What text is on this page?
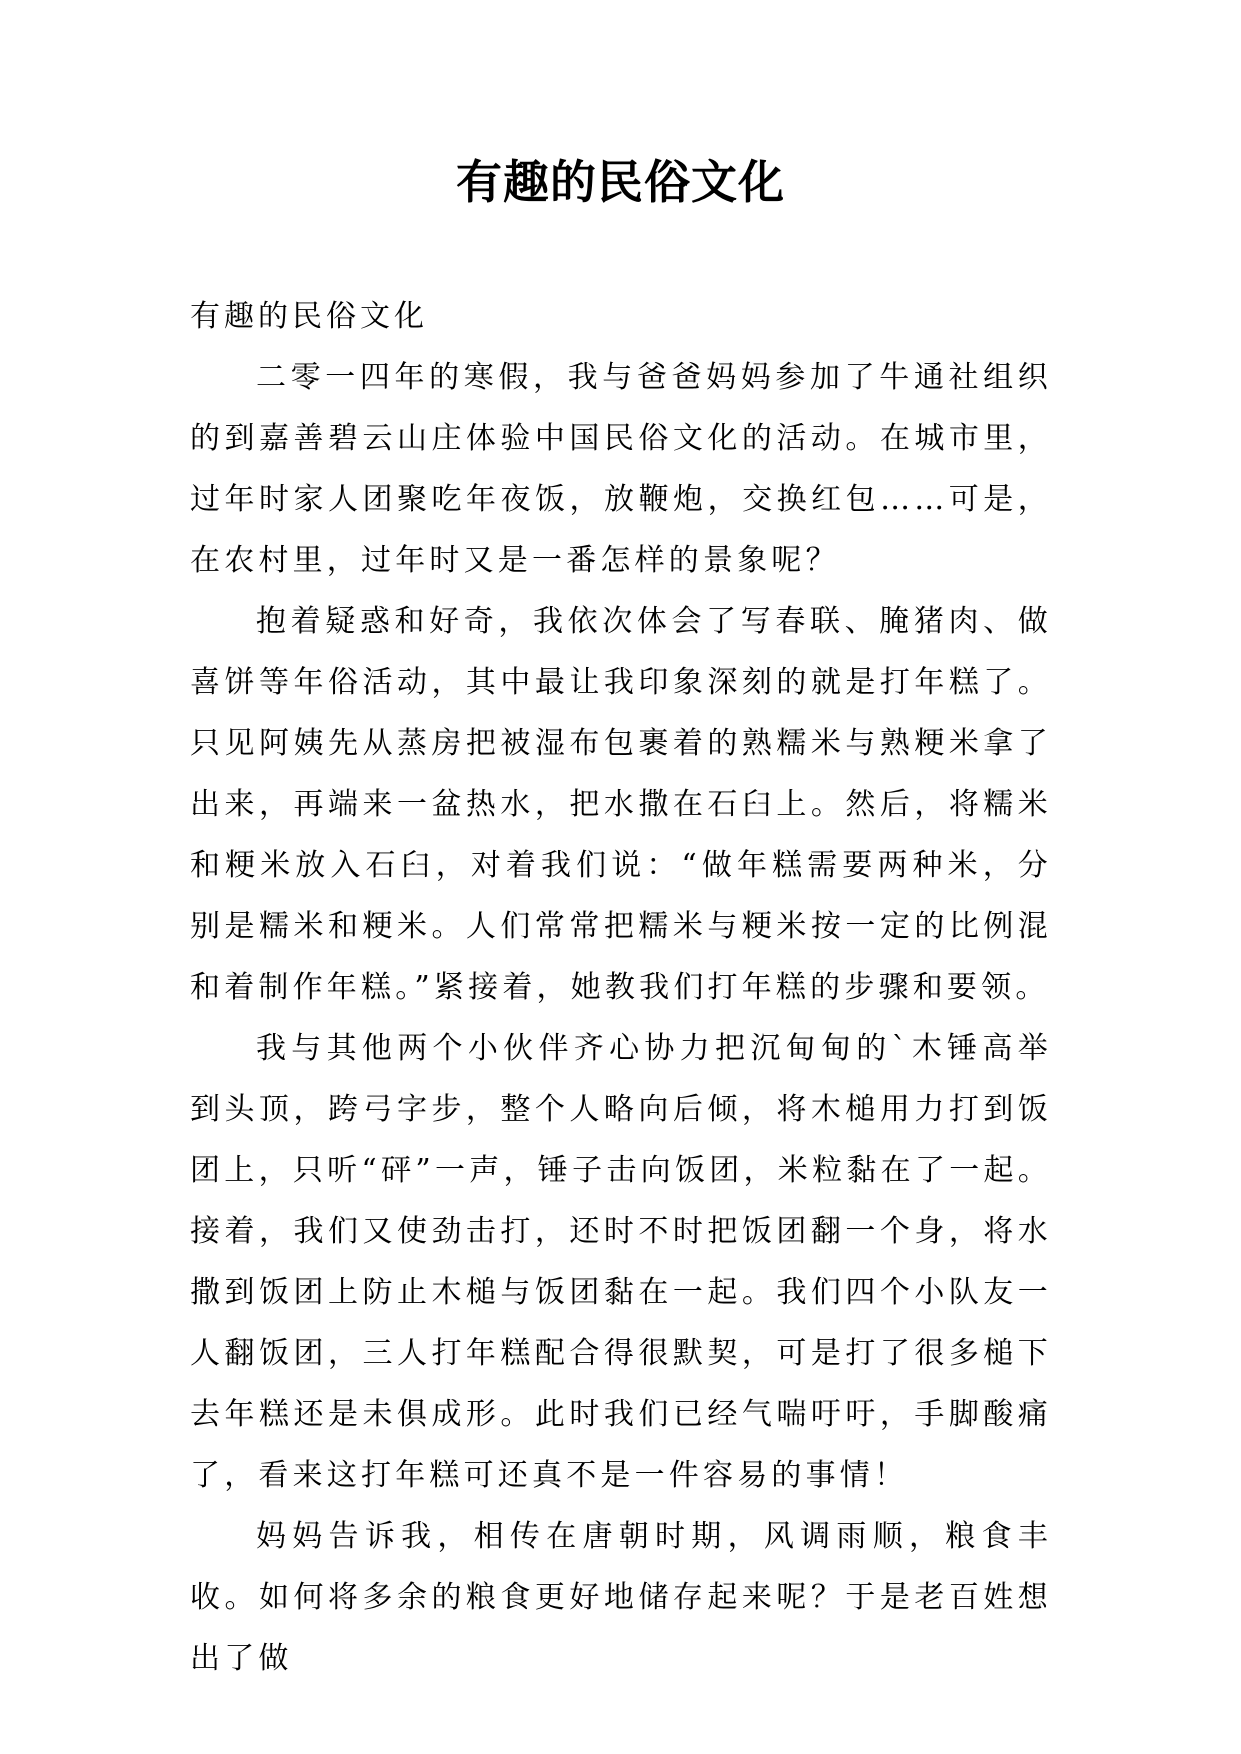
有趣的民俗文化

有趣的民俗文化

二零一四年的寒假，我与爸爸妈妈参加了牛通社组织的到嘉善碧云山庄体验中国民俗文化的活动。在城市里，过年时家人团聚吃年夜饭，放鞭炮，交换红包……可是，在农村里，过年时又是一番怎样的景象呢？

抱着疑惑和好奇，我依次体会了写春联、腌猪肉、做喜饼等年俗活动，其中最让我印象深刻的就是打年糕了。只见阿姨先从蒸房把被湿布包裹着的熟糯米与熟粳米拿了出来，再端来一盆热水，把水撒在石臼上。然后，将糯米和粳米放入石臼，对着我们说：“做年糕需要两种米，分别是糯米和粳米。人们常常把糯米与粳米按一定的比例混和着制作年糕。”紧接着，她教我们打年糕的步骤和要领。

我与其他两个小伙伴齐心协力把沉甸甸的`木锤高举到头顶，跨弓字步，整个人略向后倾，将木槌用力打到饭团上，只听“砰”一声，锤子击向饭团，米粒黏在了一起。接着，我们又使劲击打，还时不时把饭团翻一个身，将水撒到饭团上防止木槌与饭团黏在一起。我们四个小队友一人翻饭团，三人打年糕配合得很默契，可是打了很多槌下去年糕还是未俱成形。此时我们已经气喘吁吁，手脚酸痛了，看来这打年糕可还真不是一件容易的事情！

妈妈告诉我，相传在唐朝时期，风调雨顺，粮食丰收。如何将多余的粮食更好地储存起来呢？于是老百姓想出了做
